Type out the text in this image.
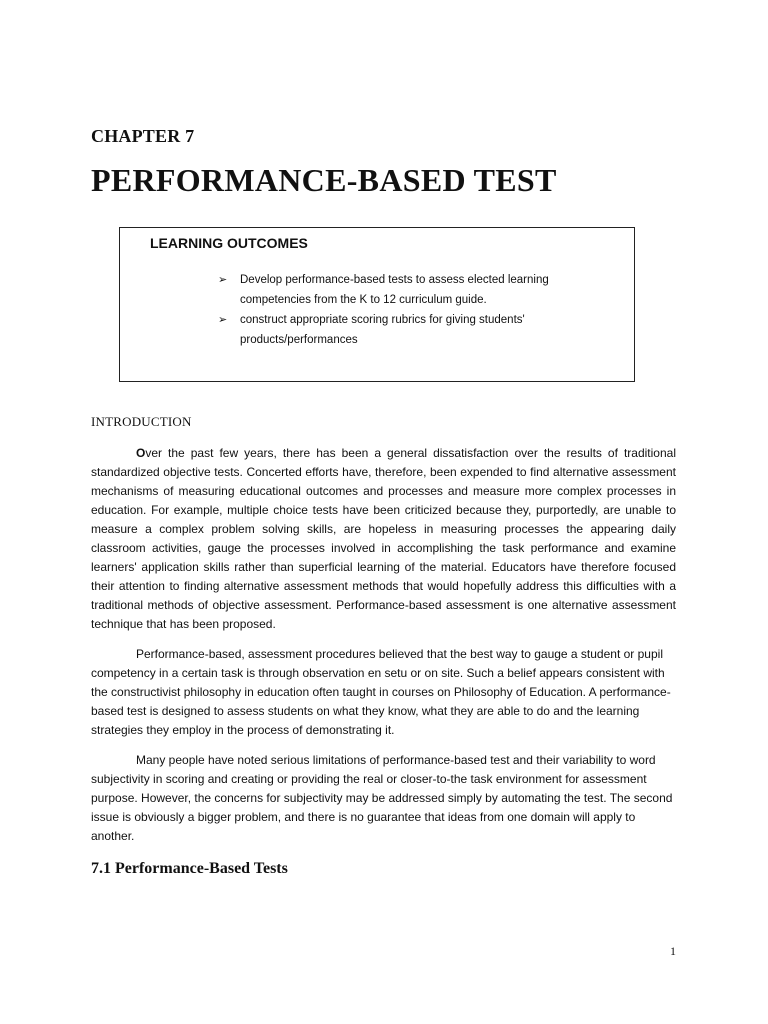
CHAPTER 7
PERFORMANCE-BASED TEST
LEARNING OUTCOMES
➢ Develop performance-based tests to assess elected learning competencies from the K to 12 curriculum guide.
➢ construct appropriate scoring rubrics for giving students' products/performances
INTRODUCTION

Over the past few years, there has been a general dissatisfaction over the results of traditional standardized objective tests. Concerted efforts have, therefore, been expended to find alternative assessment mechanisms of measuring educational outcomes and processes and measure more complex processes in education. For example, multiple choice tests have been criticized because they, purportedly, are unable to measure a complex problem solving skills, are hopeless in measuring processes the appearing daily classroom activities, gauge the processes involved in accomplishing the task performance and examine learners' application skills rather than superficial learning of the material. Educators have therefore focused their attention to finding alternative assessment methods that would hopefully address this difficulties with a traditional methods of objective assessment. Performance-based assessment is one alternative assessment technique that has been proposed.

Performance-based, assessment procedures believed that the best way to gauge a student or pupil competency in a certain task is through observation en setu or on site. Such a belief appears consistent with the constructivist philosophy in education often taught in courses on Philosophy of Education. A performance-based test is designed to assess students on what they know, what they are able to do and the learning strategies they employ in the process of demonstrating it.

Many people have noted serious limitations of performance-based test and their variability to word subjectivity in scoring and creating or providing the real or closer-to-the task environment for assessment purpose. However, the concerns for subjectivity may be addressed simply by automating the test. The second issue is obviously a bigger problem, and there is no guarantee that ideas from one domain will apply to another.

7.1 Performance-Based Tests
1
